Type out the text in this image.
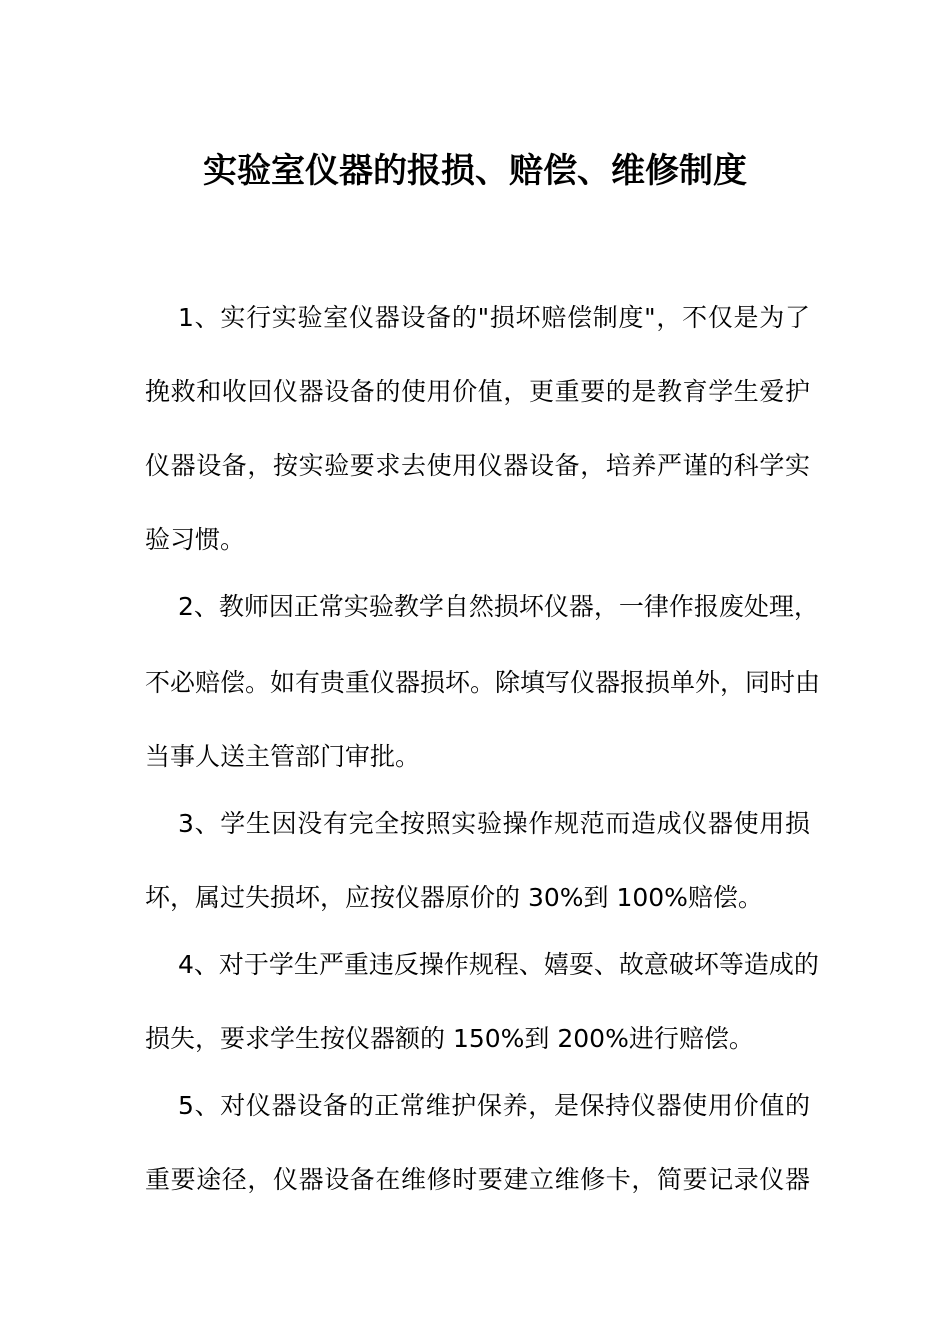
实验室仪器的报损、赔偿、维修制度
1、实行实验室仪器设备的"损坏赔偿制度"，不仅是为了
挽救和收回仪器设备的使用价值，更重要的是教育学生爱护
仪器设备，按实验要求去使用仪器设备，培养严谨的科学实
验习惯。
2、教师因正常实验教学自然损坏仪器，一律作报废处理，
不必赔偿。如有贵重仪器损坏。除填写仪器报损单外，同时由
当事人送主管部门审批。
3、学生因没有完全按照实验操作规范而造成仪器使用损
坏，属过失损坏，应按仪器原价的 30%到 100%赔偿。
4、对于学生严重违反操作规程、嬉耍、故意破坏等造成的
损失，要求学生按仪器额的 150%到 200%进行赔偿。
5、对仪器设备的正常维护保养，是保持仪器使用价值的
重要途径，仪器设备在维修时要建立维修卡，简要记录仪器
